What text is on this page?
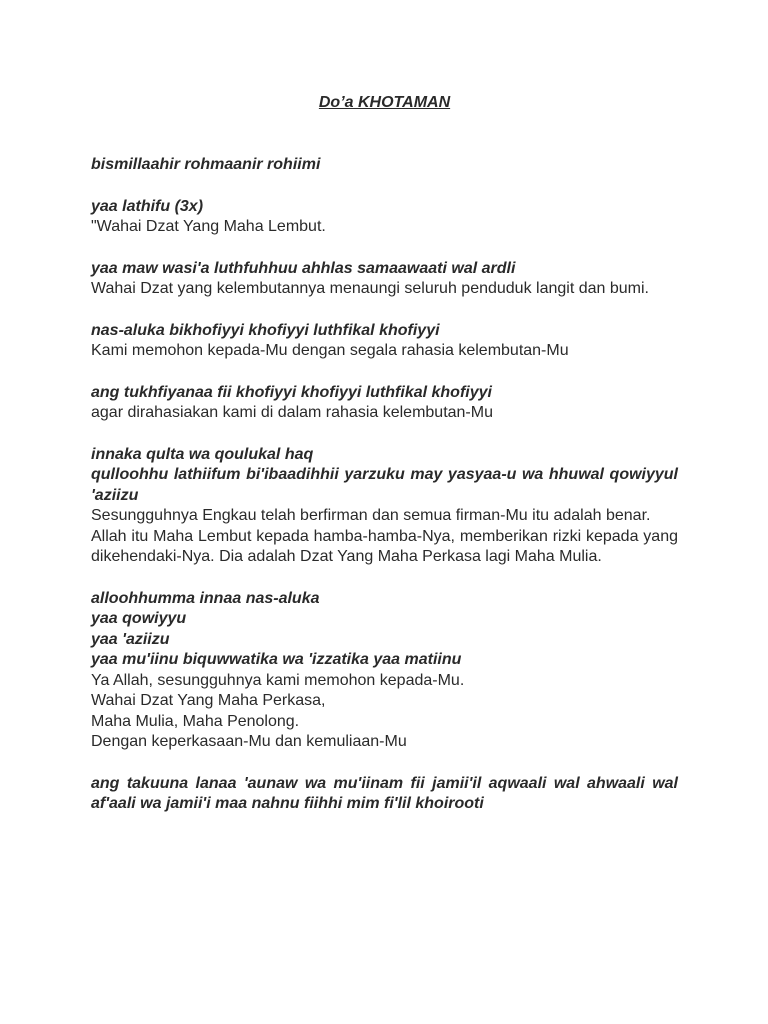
Do’a KHOTAMAN

bismillaahir rohmaanir rohiimi

yaa lathifu (3x)

"Wahai Dzat Yang Maha Lembut.

yaa maw wasi'a luthfuhhuu ahhlas samaawaati wal ardli

Wahai Dzat yang kelembutannya menaungi seluruh penduduk langit dan bumi.

nas-aluka bikhofiyyi khofiyyi luthfikal khofiyyi

Kami memohon kepada-Mu dengan segala rahasia kelembutan-Mu

ang tukhfiyanaa fii khofiyyi khofiyyi luthfikal khofiyyi

agar dirahasiakan kami di dalam rahasia kelembutan-Mu

innaka qulta wa qoulukal haq

qulloohhu lathiifum bi'ibaadihhii yarzuku may yasyaa-u wa hhuwal qowiyyul 'aziizu

Sesungguhnya Engkau telah berfirman dan semua firman-Mu itu adalah benar.

Allah itu Maha Lembut kepada hamba-hamba-Nya, memberikan rizki kepada yang dikehendaki-Nya. Dia adalah Dzat Yang Maha Perkasa lagi Maha Mulia.

alloohhumma innaa nas-aluka

yaa qowiyyu

yaa 'aziizu

yaa mu'iinu biquwwatika wa 'izzatika yaa matiinu

Ya Allah, sesungguhnya kami memohon kepada-Mu.

Wahai Dzat Yang Maha Perkasa,

Maha Mulia, Maha Penolong.

Dengan keperkasaan-Mu dan kemuliaan-Mu

ang takuuna lanaa 'aunaw wa mu'iinam fii jamii'il aqwaali wal ahwaali wal af'aali wa jamii'i maa nahnu fiihhi mim fi'lil khoirooti
